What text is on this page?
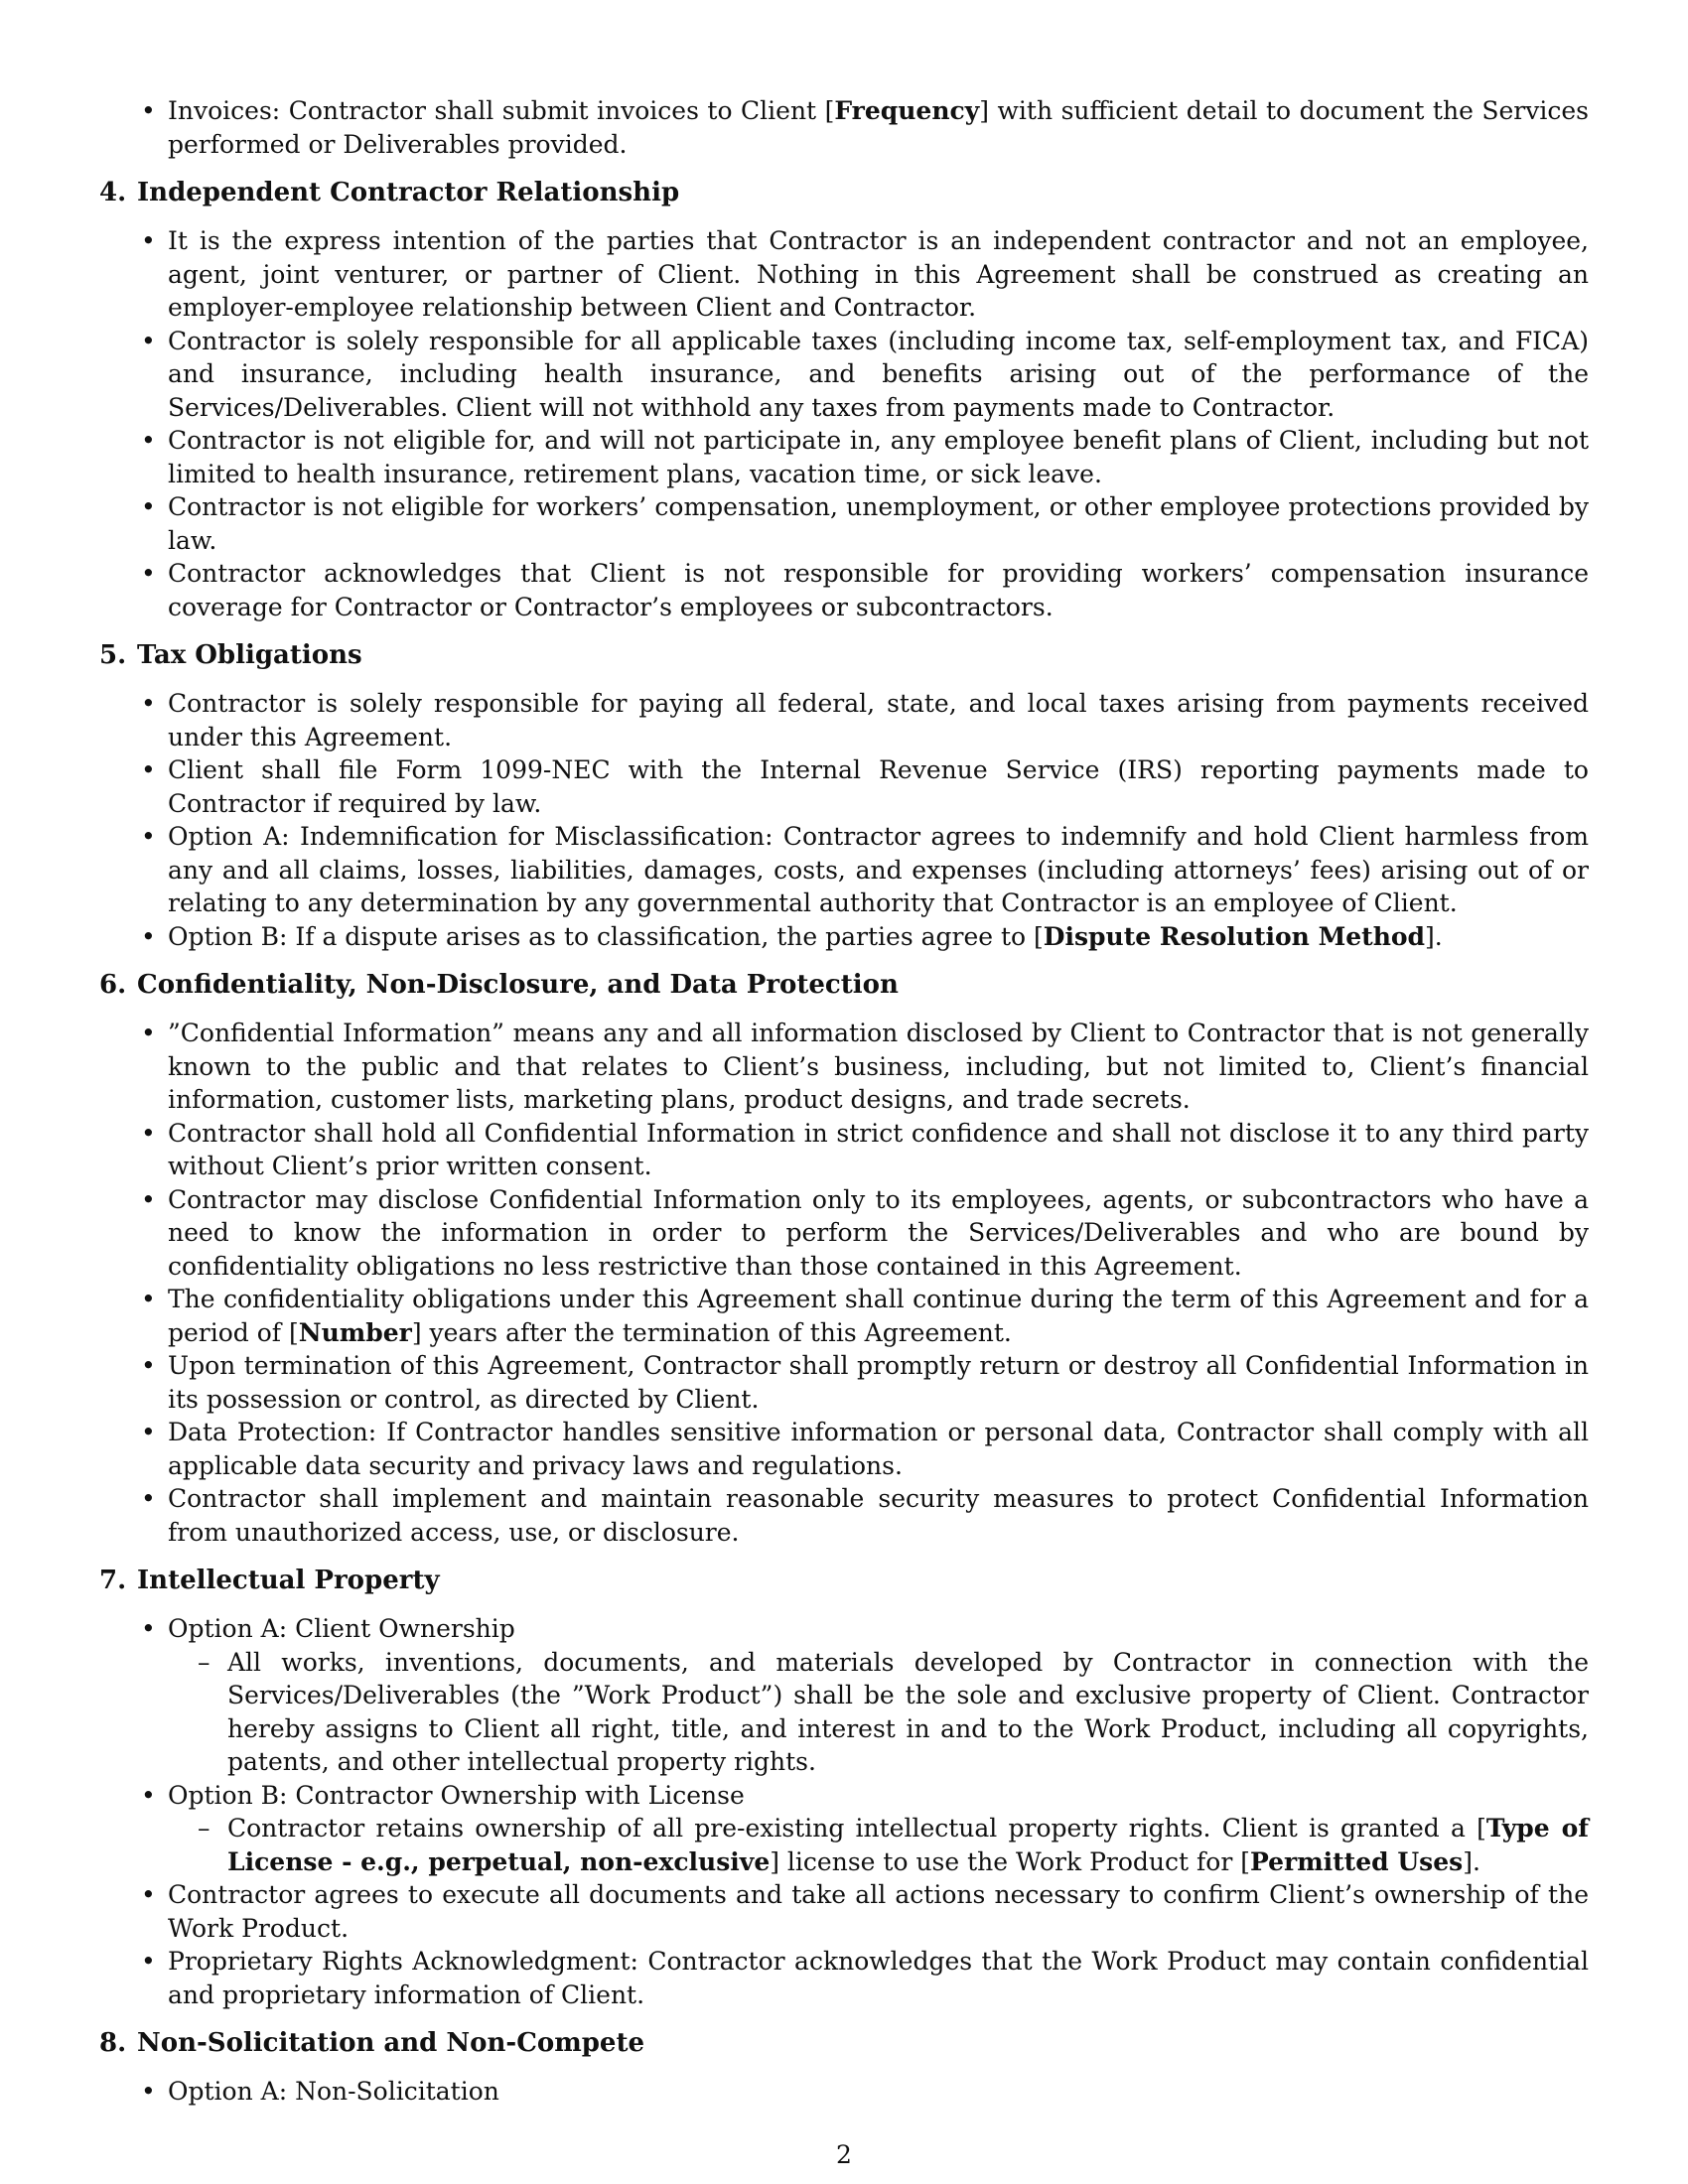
• Invoices: Contractor shall submit invoices to Client [Frequency] with sufficient detail to document the Services performed or Deliverables provided.
4. Independent Contractor Relationship
• It is the express intention of the parties that Contractor is an independent contractor and not an employee, agent, joint venturer, or partner of Client. Nothing in this Agreement shall be construed as creating an employer-employee relationship between Client and Contractor.
• Contractor is solely responsible for all applicable taxes (including income tax, self-employment tax, and FICA) and insurance, including health insurance, and benefits arising out of the performance of the Services/Deliverables. Client will not withhold any taxes from payments made to Contractor.
• Contractor is not eligible for, and will not participate in, any employee benefit plans of Client, including but not limited to health insurance, retirement plans, vacation time, or sick leave.
• Contractor is not eligible for workers’ compensation, unemployment, or other employee protections provided by law.
• Contractor acknowledges that Client is not responsible for providing workers’ compensation insurance coverage for Contractor or Contractor’s employees or subcontractors.
5. Tax Obligations
• Contractor is solely responsible for paying all federal, state, and local taxes arising from payments received under this Agreement.
• Client shall file Form 1099-NEC with the Internal Revenue Service (IRS) reporting payments made to Contractor if required by law.
• Option A: Indemnification for Misclassification: Contractor agrees to indemnify and hold Client harmless from any and all claims, losses, liabilities, damages, costs, and expenses (including attorneys’ fees) arising out of or relating to any determination by any governmental authority that Contractor is an employee of Client.
• Option B: If a dispute arises as to classification, the parties agree to [Dispute Resolution Method].
6. Confidentiality, Non-Disclosure, and Data Protection
• ”Confidential Information” means any and all information disclosed by Client to Contractor that is not generally known to the public and that relates to Client’s business, including, but not limited to, Client’s financial information, customer lists, marketing plans, product designs, and trade secrets.
• Contractor shall hold all Confidential Information in strict confidence and shall not disclose it to any third party without Client’s prior written consent.
• Contractor may disclose Confidential Information only to its employees, agents, or subcontractors who have a need to know the information in order to perform the Services/Deliverables and who are bound by confidentiality obligations no less restrictive than those contained in this Agreement.
• The confidentiality obligations under this Agreement shall continue during the term of this Agreement and for a period of [Number] years after the termination of this Agreement.
• Upon termination of this Agreement, Contractor shall promptly return or destroy all Confidential Information in its possession or control, as directed by Client.
• Data Protection: If Contractor handles sensitive information or personal data, Contractor shall comply with all applicable data security and privacy laws and regulations.
• Contractor shall implement and maintain reasonable security measures to protect Confidential Information from unauthorized access, use, or disclosure.
7. Intellectual Property
• Option A: Client Ownership
– All works, inventions, documents, and materials developed by Contractor in connection with the Services/Deliverables (the ”Work Product”) shall be the sole and exclusive property of Client. Contractor hereby assigns to Client all right, title, and interest in and to the Work Product, including all copyrights, patents, and other intellectual property rights.
• Option B: Contractor Ownership with License
– Contractor retains ownership of all pre-existing intellectual property rights. Client is granted a [Type of License - e.g., perpetual, non-exclusive] license to use the Work Product for [Permitted Uses].
• Contractor agrees to execute all documents and take all actions necessary to confirm Client’s ownership of the Work Product.
• Proprietary Rights Acknowledgment: Contractor acknowledges that the Work Product may contain confidential and proprietary information of Client.
8. Non-Solicitation and Non-Compete
• Option A: Non-Solicitation
2
